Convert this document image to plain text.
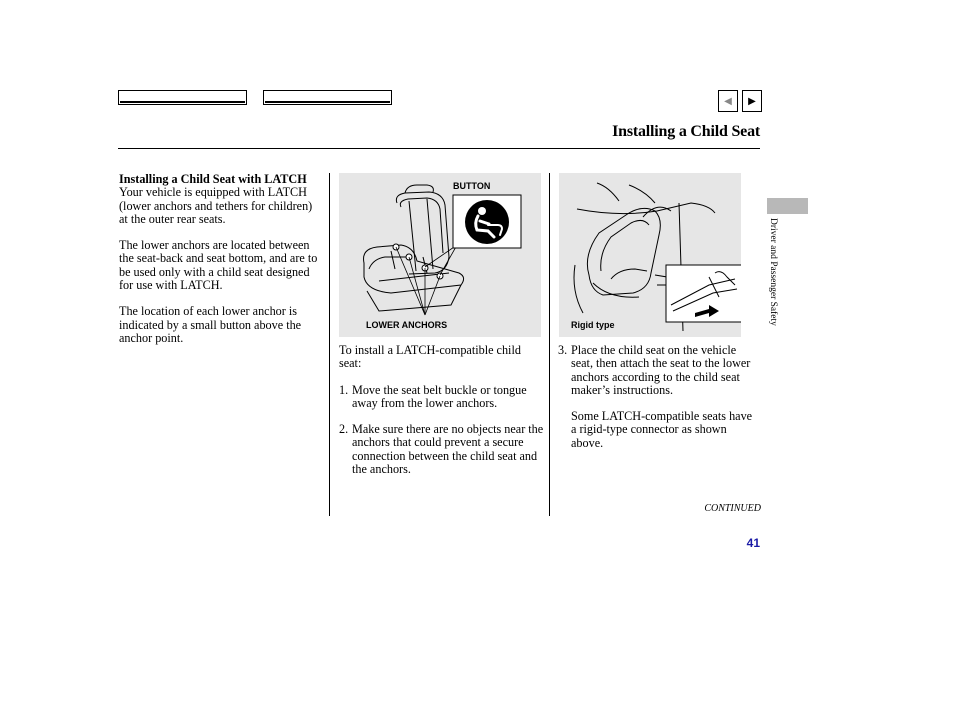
◀ ▶
Installing a Child Seat

Installing a Child Seat with LATCH

Your vehicle is equipped with LATCH (lower anchors and tethers for children) at the outer rear seats.

The lower anchors are located between the seat-back and seat bottom, and are to be used only with a child seat designed for use with LATCH.

The location of each lower anchor is indicated by a small button above the anchor point.

BUTTON
LOWER ANCHORS	Rigid type

To install a LATCH-compatible child seat:

1. Move the seat belt buckle or tongue away from the lower anchors.
2. Make sure there are no objects near the anchors that could prevent a secure connection between the child seat and the anchors.
3. Place the child seat on the vehicle seat, then attach the seat to the lower anchors according to the child seat maker’s instructions.

Some LATCH-compatible seats have a rigid-type connector as shown above.

CONTINUED
41
Driver and Passenger Safety
